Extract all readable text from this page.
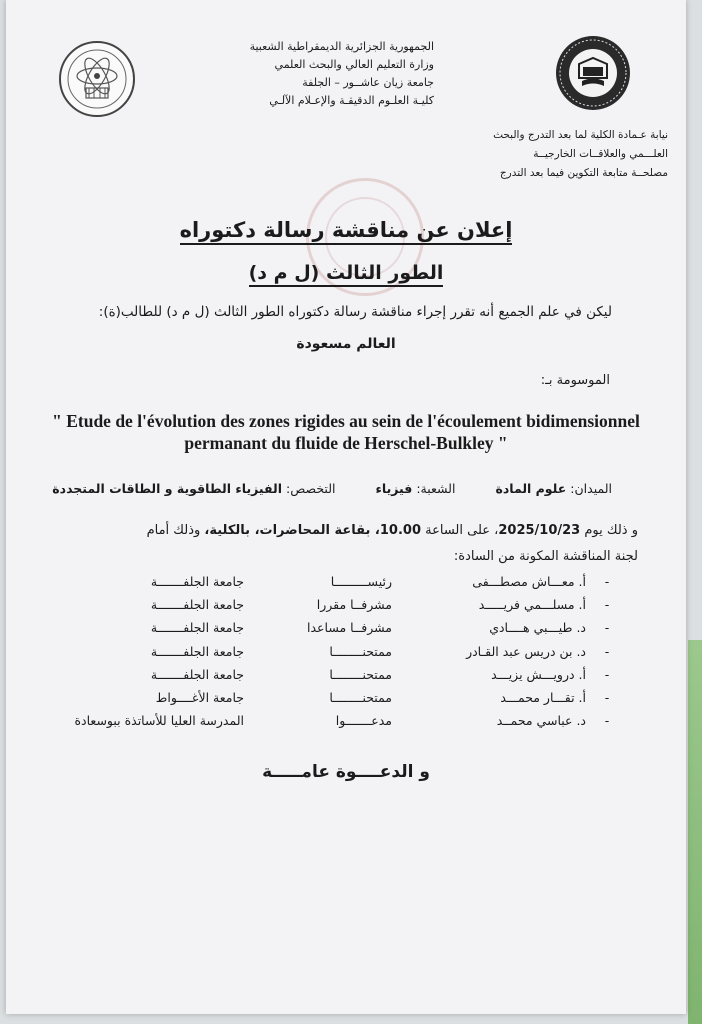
الجمهورية الجزائرية الديمقراطية الشعبية
وزارة التعليم العالي والبحث العلمي
جامعة زيان عاشــور – الجلفة
كليـة العلـوم الدقيقـة والإعـلام الآلـي
نيابة عـمادة الكلية لما بعد التدرج والبحث
العلـــمي والعلاقــات الخارجيــة
مصلحــة متابعة التكوين فيما بعد التدرج
إعلان عن مناقشة رسالة دكتوراه
الطور الثالث (ل م د)
ليكن في علم الجميع أنه تقرر إجراء مناقشة رسالة دكتوراه الطور الثالث (ل م د) للطالب(ة):
العالم مسعودة
الموسومة بـ:
" Etude de l'évolution des zones rigides au sein de l'écoulement bidimensionnel permanant du fluide de Herschel-Bulkley "
الميدان: علوم المادة الشعبة: فيزياء التخصص: الفيزياء الطاقوية و الطاقات المتجددة
و ذلك يوم 2025/10/23، على الساعة 10.00، بقاعة المحاضرات، بالكلية، وذلك أمام
لجنة المناقشة المكونة من السادة:
-
أ. معـــاش مصطـــفى
رئيســـــــــا
جامعة الجلفـــــــة
-
أ. مسلـــمي فريـــــد
مشرفــا مقررا
جامعة الجلفـــــــة
-
د. طيـــبي هــــادي
مشرفــا مساعدا
جامعة الجلفـــــــة
-
د. بن دريس عبد القـادر
ممتحنــــــــا
جامعة الجلفـــــــة
-
أ. درويـــش يزيـــد
ممتحنــــــــا
جامعة الجلفـــــــة
-
أ. تقـــار محمـــد
ممتحنــــــــا
جامعة الأغــــواط
-
د. عباسي محمــد
مدعـــــــوا
المدرسة العليا للأساتذة ببوسعادة
و الدعــــوة عامـــــة
